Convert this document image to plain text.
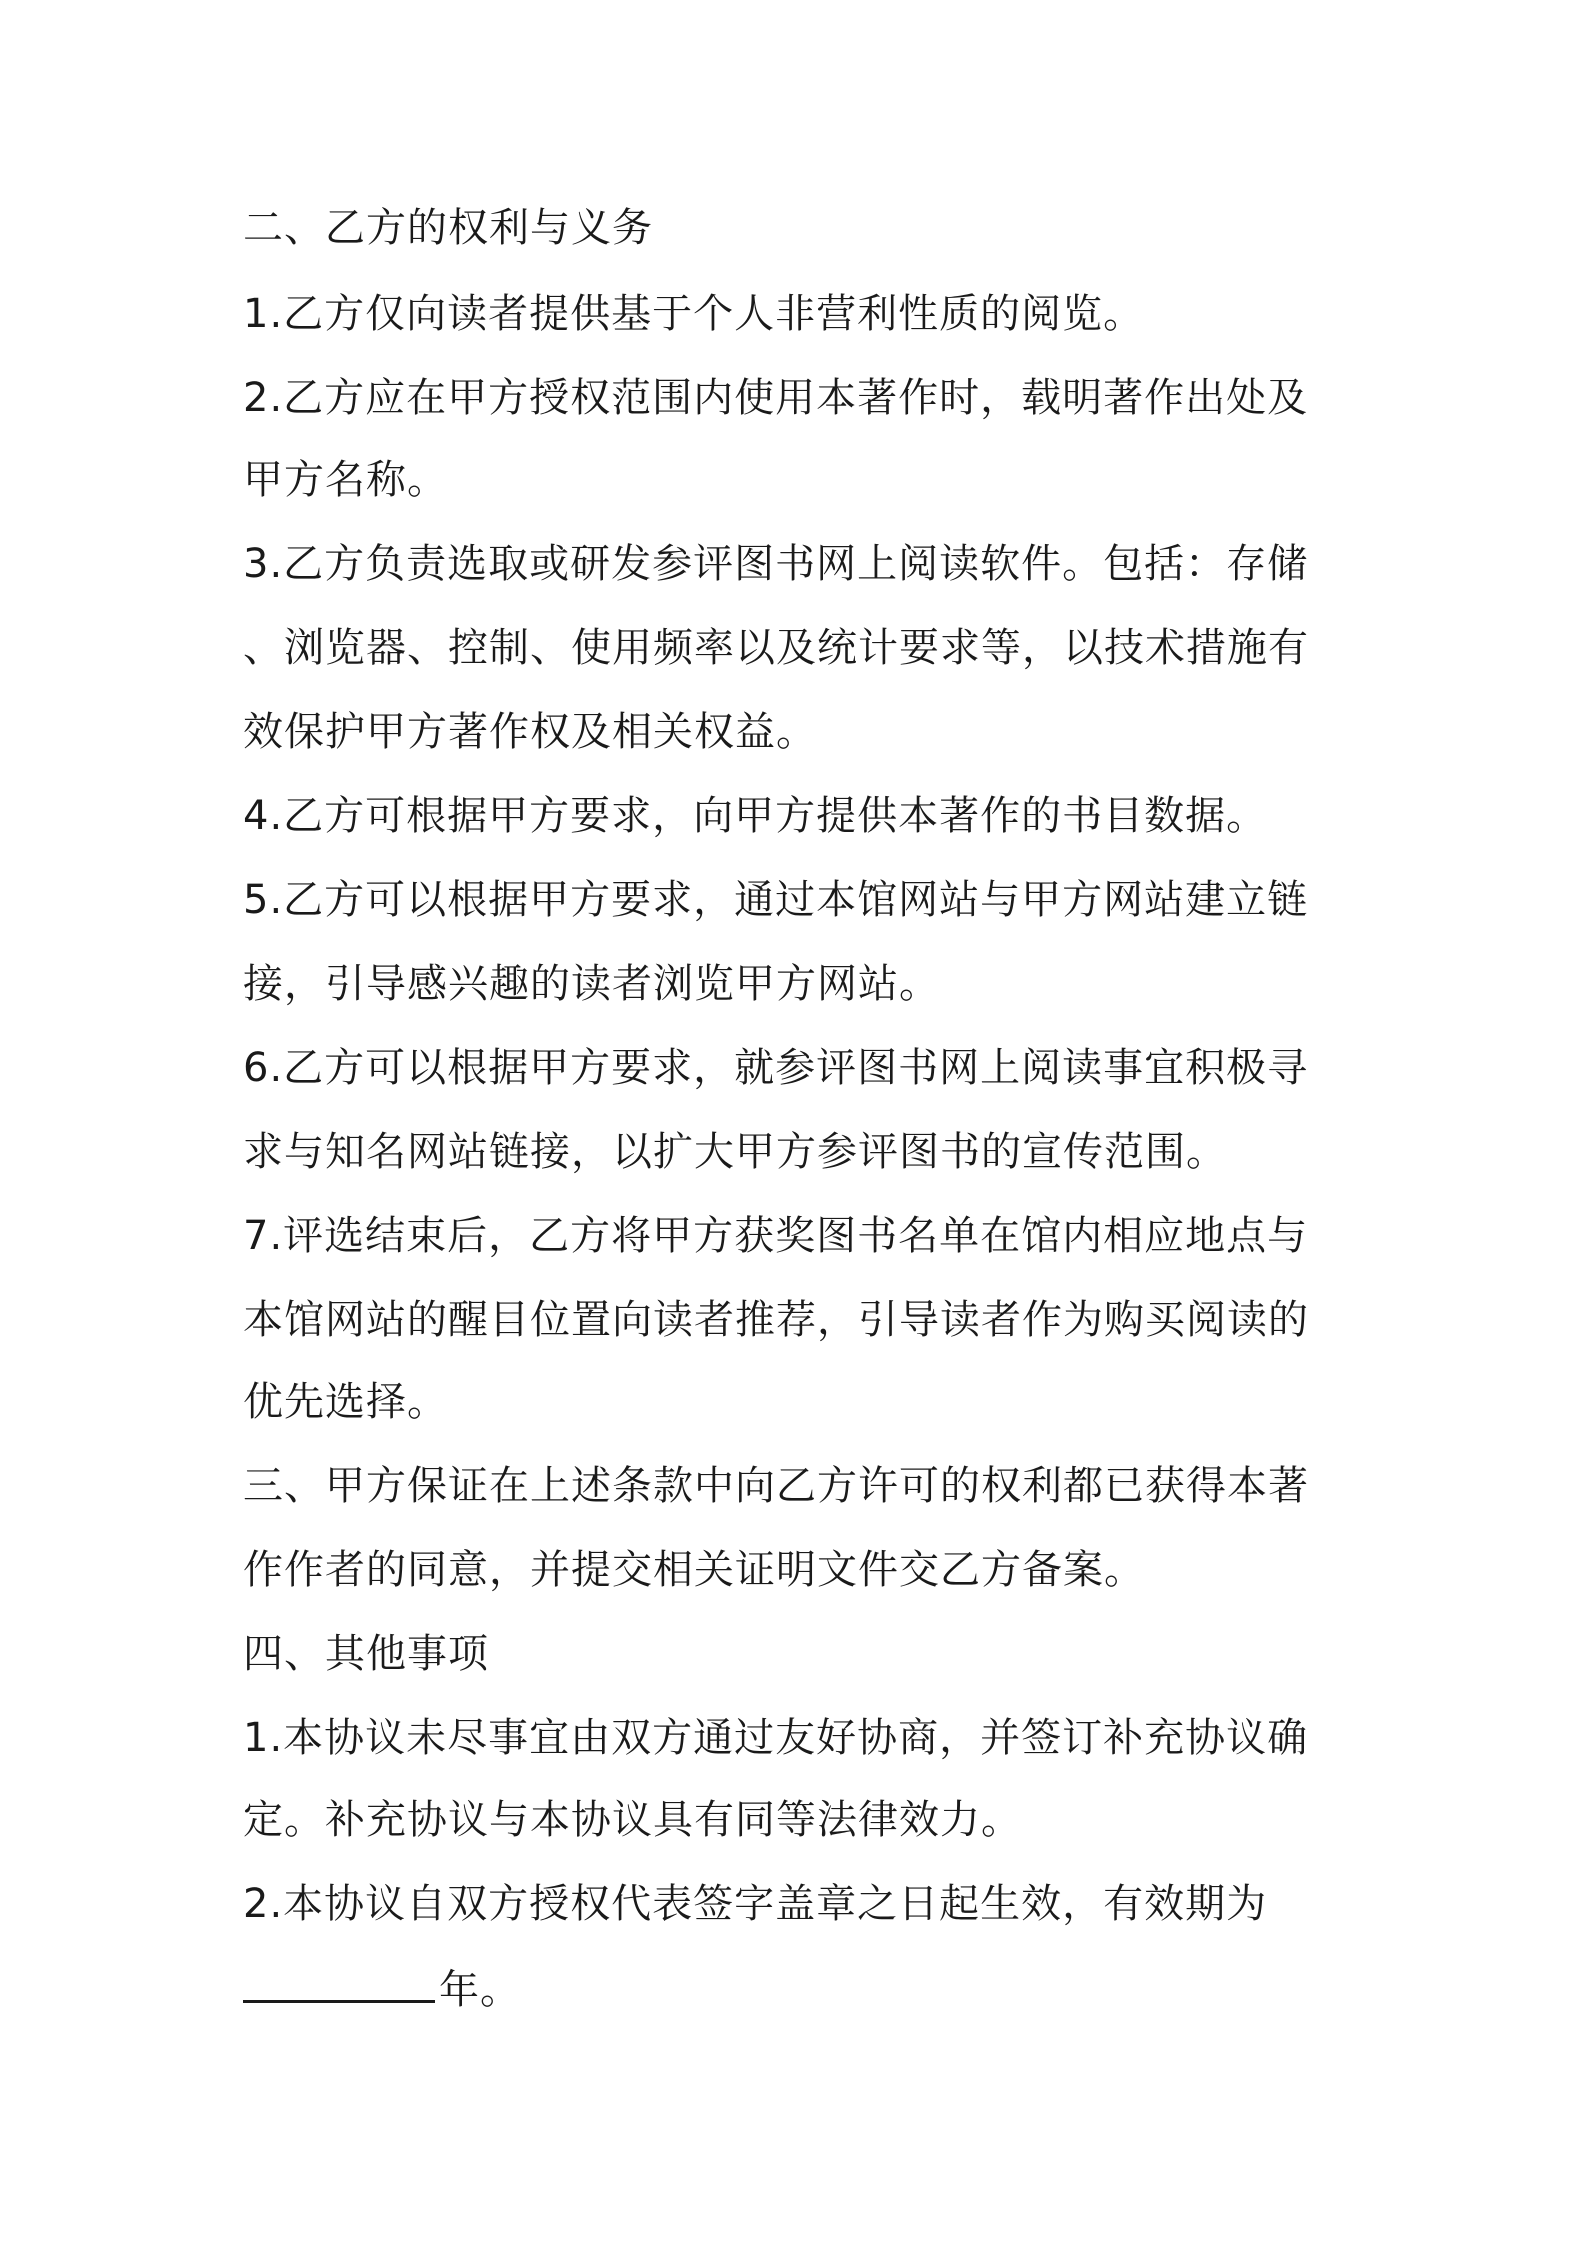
二、乙方的权利与义务
1.乙方仅向读者提供基于个人非营利性质的阅览。
2.乙方应在甲方授权范围内使用本著作时，载明著作出处及
甲方名称。
3.乙方负责选取或研发参评图书网上阅读软件。包括：存储
、浏览器、控制、使用频率以及统计要求等，以技术措施有
效保护甲方著作权及相关权益。
4.乙方可根据甲方要求，向甲方提供本著作的书目数据。
5.乙方可以根据甲方要求，通过本馆网站与甲方网站建立链
接，引导感兴趣的读者浏览甲方网站。
6.乙方可以根据甲方要求，就参评图书网上阅读事宜积极寻
求与知名网站链接，以扩大甲方参评图书的宣传范围。
7.评选结束后，乙方将甲方获奖图书名单在馆内相应地点与
本馆网站的醒目位置向读者推荐，引导读者作为购买阅读的
优先选择。
三、甲方保证在上述条款中向乙方许可的权利都已获得本著
作作者的同意，并提交相关证明文件交乙方备案。
四、其他事项
1.本协议未尽事宜由双方通过友好协商，并签订补充协议确
定。补充协议与本协议具有同等法律效力。
2.本协议自双方授权代表签字盖章之日起生效，有效期为
年。
